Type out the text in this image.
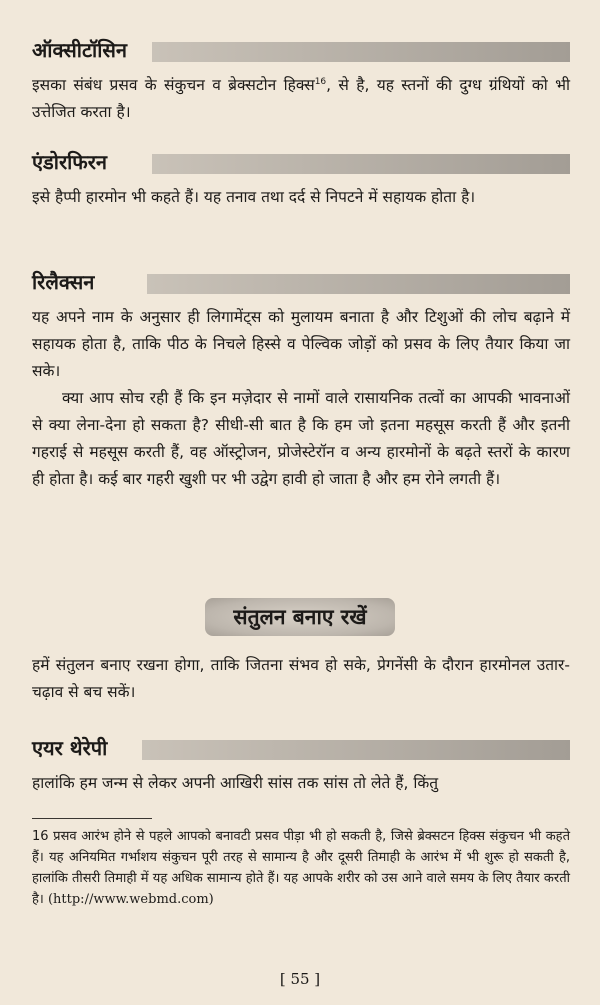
ऑक्सीटॉसिन

इसका संबंध प्रसव के संकुचन व ब्रेक्सटोन हिक्स$^{16}$, से है, यह स्तनों की दुग्ध ग्रंथियों को भी उत्तेजित करता है।

एंडोरफिरन

इसे हैप्पी हारमोन भी कहते हैं। यह तनाव तथा दर्द से निपटने में सहायक होता है।

रिलैक्सन

यह अपने नाम के अनुसार ही लिगामेंट्स को मुलायम बनाता है और टिशुओं की लोच बढ़ाने में सहायक होता है, ताकि पीठ के निचले हिस्से व पेल्विक जोड़ों को प्रसव के लिए तैयार किया जा सके।

क्या आप सोच रही हैं कि इन मज़ेदार से नामों वाले रासायनिक तत्वों का आपकी भावनाओं से क्या लेना-देना हो सकता है? सीधी-सी बात है कि हम जो इतना महसूस करती हैं और इतनी गहराई से महसूस करती हैं, वह ऑस्ट्रोजन, प्रोजेस्टेरॉन व अन्य हारमोनों के बढ़ते स्तरों के कारण ही होता है। कई बार गहरी खुशी पर भी उद्वेग हावी हो जाता है और हम रोने लगती हैं।

संतुलन बनाए रखें

हमें संतुलन बनाए रखना होगा, ताकि जितना संभव हो सके, प्रेगनेंसी के दौरान हारमोनल उतार-चढ़ाव से बच सकें।

एयर थेरेपी

हालांकि हम जन्म से लेकर अपनी आखिरी सांस तक सांस तो लेते हैं, किंतु

16 प्रसव आरंभ होने से पहले आपको बनावटी प्रसव पीड़ा भी हो सकती है, जिसे ब्रेक्सटन हिक्स संकुचन भी कहते हैं। यह अनियमित गर्भाशय संकुचन पूरी तरह से सामान्य है और दूसरी तिमाही के आरंभ में भी शुरू हो सकती है, हालांकि तीसरी तिमाही में यह अधिक सामान्य होते हैं। यह आपके शरीर को उस आने वाले समय के लिए तैयार करती है। (http://www.webmd.com)

[ 55 ]
